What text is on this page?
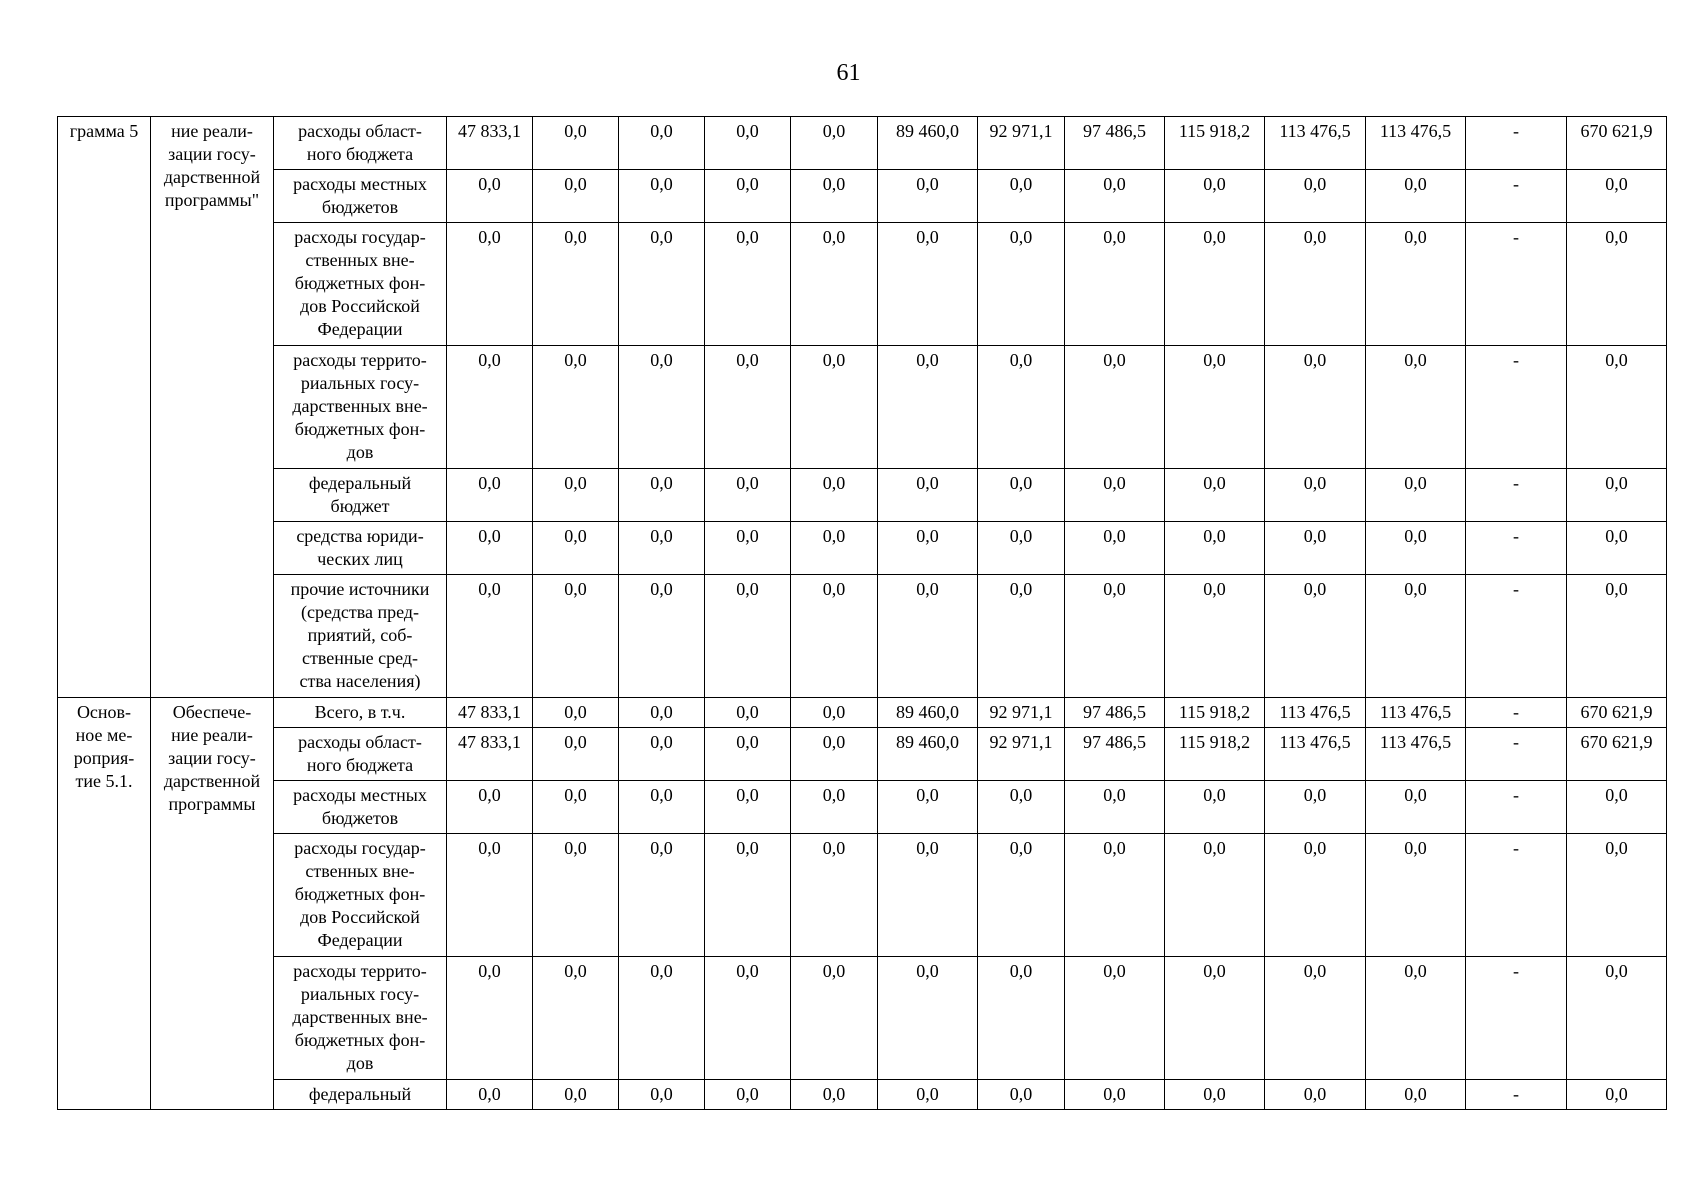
61
грамма 5	ние реали-
зации госу-
дарственной
программы"	расходы област-
ного бюджета	47 833,1	0,0	0,0	0,0	0,0	89 460,0	92 971,1	97 486,5	115 918,2	113 476,5	113 476,5	-	670 621,9
		расходы местных
бюджетов	0,0	0,0	0,0	0,0	0,0	0,0	0,0	0,0	0,0	0,0	0,0	-	0,0
		расходы государ-
ственных вне-
бюджетных фон-
дов Российской
Федерации	0,0	0,0	0,0	0,0	0,0	0,0	0,0	0,0	0,0	0,0	0,0	-	0,0
		расходы террито-
риальных госу-
дарственных вне-
бюджетных фон-
дов	0,0	0,0	0,0	0,0	0,0	0,0	0,0	0,0	0,0	0,0	0,0	-	0,0
		федеральный
бюджет	0,0	0,0	0,0	0,0	0,0	0,0	0,0	0,0	0,0	0,0	0,0	-	0,0
		средства юриди-
ческих лиц	0,0	0,0	0,0	0,0	0,0	0,0	0,0	0,0	0,0	0,0	0,0	-	0,0
		прочие источники
(средства пред-
приятий, соб-
ственные сред-
ства населения)	0,0	0,0	0,0	0,0	0,0	0,0	0,0	0,0	0,0	0,0	0,0	-	0,0
Основ-
ное ме-
роприя-
тие 5.1.	Обеспече-
ние реали-
зации госу-
дарственной
программы	Всего, в т.ч.	47 833,1	0,0	0,0	0,0	0,0	89 460,0	92 971,1	97 486,5	115 918,2	113 476,5	113 476,5	-	670 621,9
		расходы област-
ного бюджета	47 833,1	0,0	0,0	0,0	0,0	89 460,0	92 971,1	97 486,5	115 918,2	113 476,5	113 476,5	-	670 621,9
		расходы местных
бюджетов	0,0	0,0	0,0	0,0	0,0	0,0	0,0	0,0	0,0	0,0	0,0	-	0,0
		расходы государ-
ственных вне-
бюджетных фон-
дов Российской
Федерации	0,0	0,0	0,0	0,0	0,0	0,0	0,0	0,0	0,0	0,0	0,0	-	0,0
		расходы террито-
риальных госу-
дарственных вне-
бюджетных фон-
дов	0,0	0,0	0,0	0,0	0,0	0,0	0,0	0,0	0,0	0,0	0,0	-	0,0
		федеральный	0,0	0,0	0,0	0,0	0,0	0,0	0,0	0,0	0,0	0,0	0,0	-	0,0
